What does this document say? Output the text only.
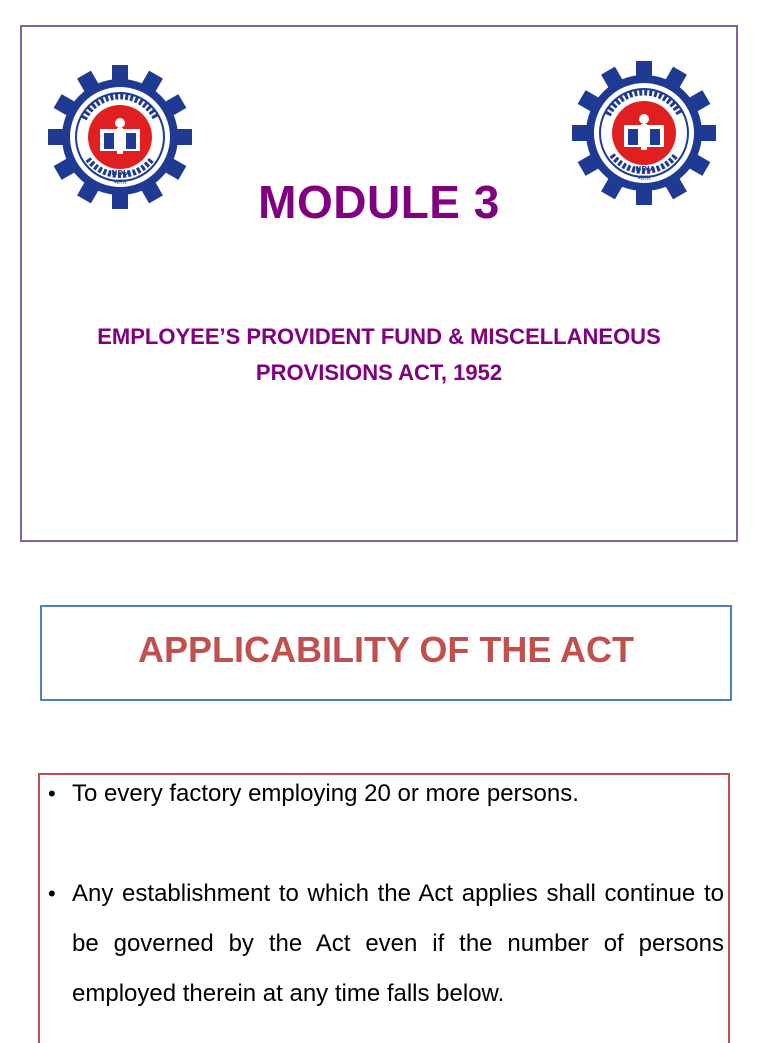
INDIA
भारत
INDIA
भारत
MODULE 3
EMPLOYEE’S PROVIDENT FUND & MISCELLANEOUS
PROVISIONS ACT, 1952
APPLICABILITY OF THE ACT
• To every factory employing 20 or more persons.
• Any establishment to which the Act applies shall continue to be governed by the Act even if the number of persons employed therein at any time falls below.
